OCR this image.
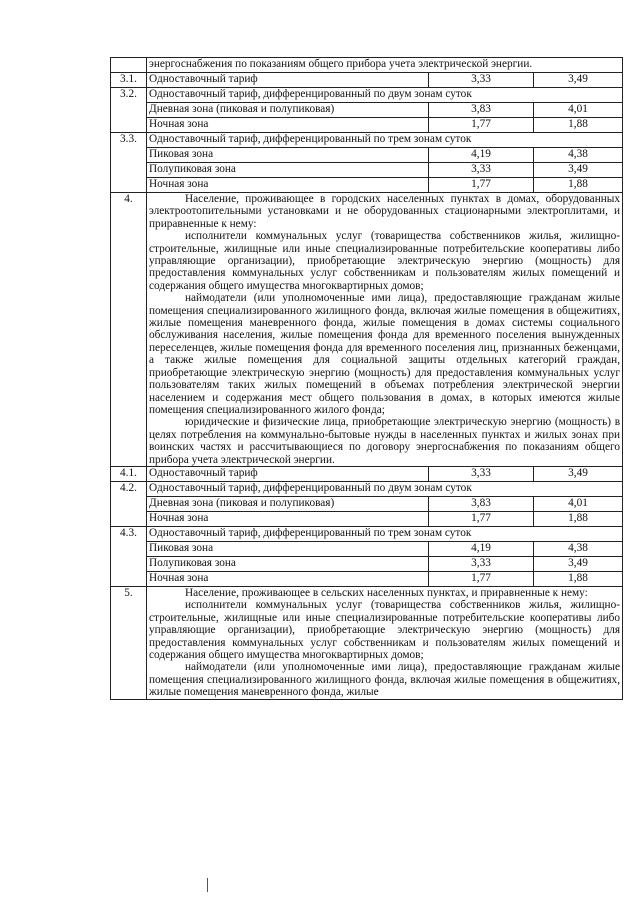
	энергоснабжения по показаниям общего прибора учета электрической энергии.		
3.1.	Одноставочный тариф	3,33	3,49
3.2.	Одноставочный тариф, дифференцированный по двум зонам суток		
	Дневная зона (пиковая и полупиковая)	3,83	4,01
	Ночная зона	1,77	1,88
3.3.	Одноставочный тариф, дифференцированный по трем зонам суток		
	Пиковая зона	4,19	4,38
	Полупиковая зона	3,33	3,49
	Ночная зона	1,77	1,88
4.	Население, проживающее в городских населенных пунктах в домах, оборудованных электроотопительными установками и не оборудованных стационарными электроплитами, и приравненные к нему:

исполнители коммунальных услуг (товарищества собственников жилья, жилищно-строительные, жилищные или иные специализированные потребительские кооперативы либо управляющие организации), приобретающие электрическую энергию (мощность) для предоставления коммунальных услуг собственникам и пользователям жилых помещений и содержания общего имущества многоквартирных домов;

наймодатели (или уполномоченные ими лица), предоставляющие гражданам жилые помещения специализированного жилищного фонда, включая жилые помещения в общежитиях, жилые помещения маневренного фонда, жилые помещения в домах системы социального обслуживания населения, жилые помещения фонда для временного поселения вынужденных переселенцев, жилые помещения фонда для временного поселения лиц, признанных беженцами, а также жилые помещения для социальной защиты отдельных категорий граждан, приобретающие электрическую энергию (мощность) для предоставления коммунальных услуг пользователям таких жилых помещений в объемах потребления электрической энергии населением и содержания мест общего пользования в домах, в которых имеются жилые помещения специализированного жилого фонда;

юридические и физические лица, приобретающие электрическую энергию (мощность) в целях потребления на коммунально-бытовые нужды в населенных пунктах и жилых зонах при воинских частях и рассчитывающиеся по договору энергоснабжения по показаниям общего прибора учета электрической энергии.		

4.1.	Одноставочный тариф	3,33	3,49
4.2.	Одноставочный тариф, дифференцированный по двум зонам суток		
	Дневная зона (пиковая и полупиковая)	3,83	4,01
	Ночная зона	1,77	1,88
4.3.	Одноставочный тариф, дифференцированный по трем зонам суток		
	Пиковая зона	4,19	4,38
	Полупиковая зона	3,33	3,49
	Ночная зона	1,77	1,88
5.	Население, проживающее в сельских населенных пунктах, и приравненные к нему:

исполнители коммунальных услуг (товарищества собственников жилья, жилищно-строительные, жилищные или иные специализированные потребительские кооперативы либо управляющие организации), приобретающие электрическую энергию (мощность) для предоставления коммунальных услуг собственникам и пользователям жилых помещений и содержания общего имущества многоквартирных домов;

наймодатели (или уполномоченные ими лица), предоставляющие гражданам жилые помещения специализированного жилищного фонда, включая жилые помещения в общежитиях, жилые помещения маневренного фонда, жилые		
